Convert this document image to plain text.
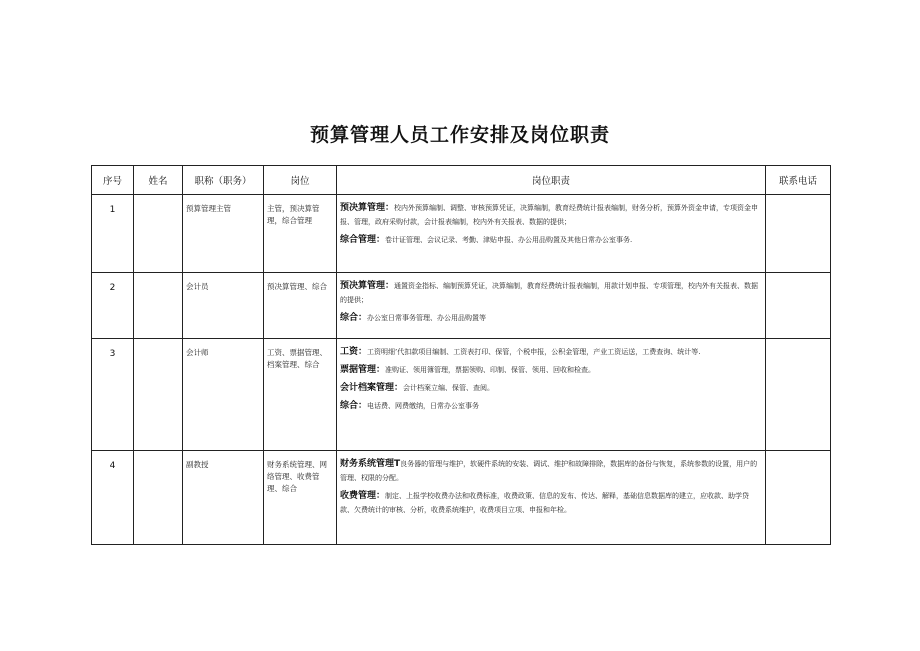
预算管理人员工作安排及岗位职责
序号	姓名	职称（职务）	岗位	岗位职责	联系电话
1		预算管理主管	主管，预决算管理，综合管理	预决算管理：校内外预算编制、调整、审核预算凭证，决算编制，教育经费统计报表编制，财务分析，预算外资金申请，专项资金申报、管理，政府采购付款，会计报表编制，校内外有关报表、数据的提供；
综合管理：卷计证管理、会议记录、考勤、津贴申报、办公用品购置及其他日常办公室事务.	

2		会计员	预决算管理、综合	预决算管理：通置资金指标、编制预算凭证，决算编制，教育经费统计报表编制，用款计划申报、专项管理，校内外有关报表、数据的提供；
综合：办公室日常事务管理、办公用品购置等	

3		会计师	工资、票据管理、档案管理、综合	工资：工资明细’代扣款项目编制、工资表打印、保管，个税申报，公积金管理，产业工资运送，工费查询、统计等.
票据管理：准购证、领用簿管理，票据领购、印制、保管、领用、回收和检查。
会计档案管理：会计档案立编、保管、查阅。
综合：电话费、网费缴纳，日常办公室事务	

4		副教授	财务系统管理、网络管理、收费管理、综合	财务系统管理T良务器的管理与维护，软硬件系统的安装、调试、维护和故障排除，数据库的备份与恢复，系统参数的设置，用户的管理、权限的分配。
收费管理：制定、上报学校收费办法和收费标准，收费政策、信息的发布、传达、解释，基础信息数据库的建立，应收款、助学贷款、欠费统计的审核、分析，收费系统维护，收费项目立项、申报和年检。	
